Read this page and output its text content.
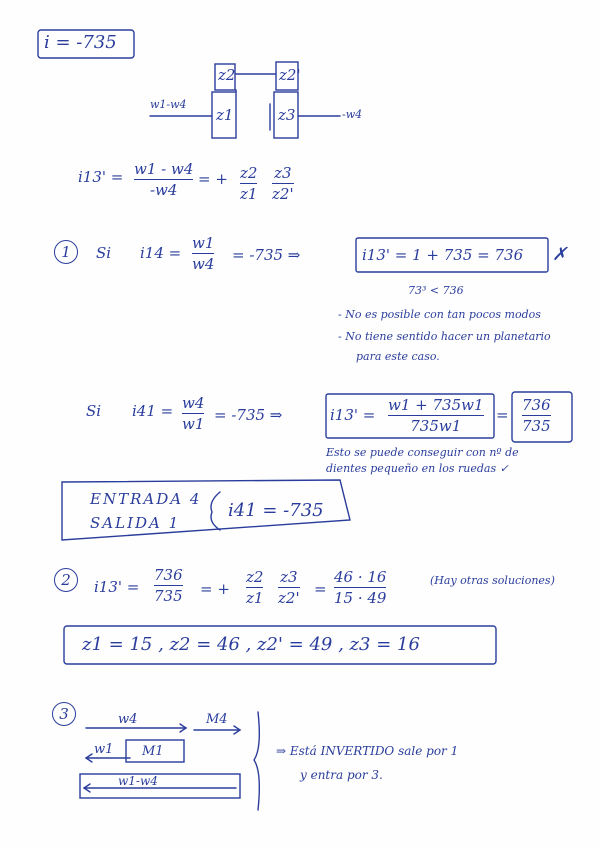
i = -735
z2	z2'
z1	z3
w1-w4
-w4
i13' = w1 - w4
-w4
= + z2
z1
z3
z2'
1	Si i14 =
w1
w4 = -735 ⇒	i13' = 1 + 735 = 736 ✗
73³ < 736
- No es posible con tan pocos modos
- No tiene sentido hacer un planetario
para este caso.
Si i41 = w4
w1 = -735 ⇒	i13' =
w1 + 735w1
735w1
=
736
735
Esto se puede conseguir con nº de
dientes pequeño en los ruedas ✓
ENTRADA 4
SALIDA 1
i41 = -735
2	i13' =
736
735 = +
z2
z1
z3
z2' =
46 · 16
15 · 49
(Hay otras soluciones)
z1 = 15 , z2 = 46 , z2' = 49 , z3 = 16
3	w4	M4
w1 M1
w1-w4
⇒ Está INVERTIDO sale por 1
y entra por 3.
